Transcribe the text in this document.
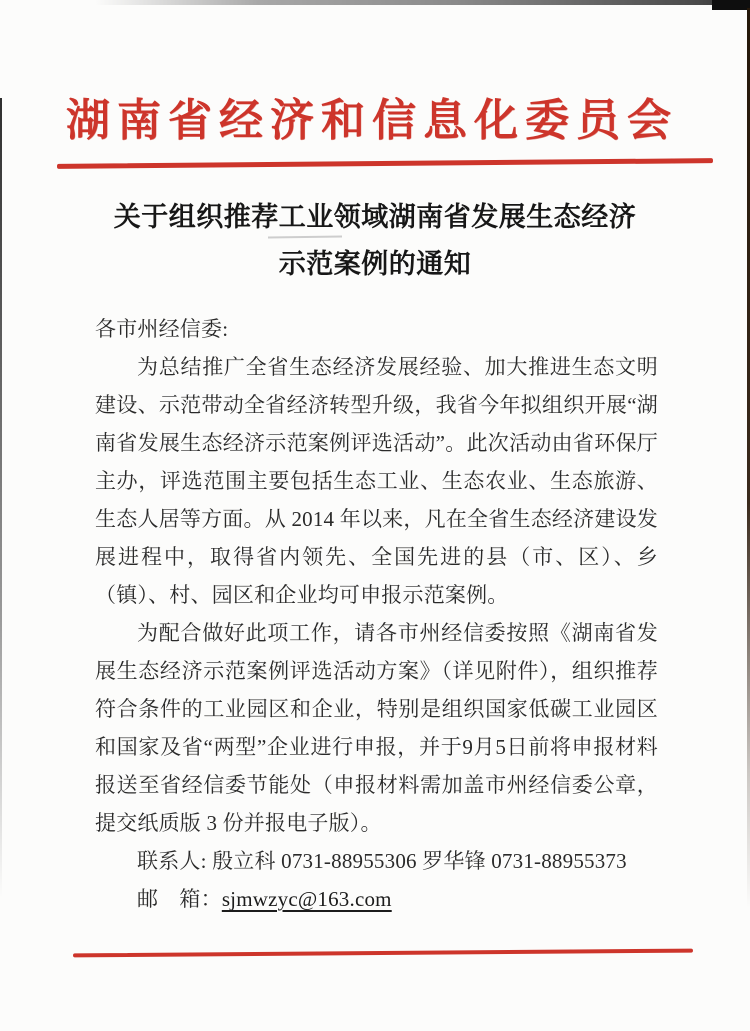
湖南省经济和信息化委员会
关于组织推荐工业领域湖南省发展生态经济
示范案例的通知

各市州经信委:

为总结推广全省生态经济发展经验、加大推进生态文明建设、示范带动全省经济转型升级，我省今年拟组织开展“湖南省发展生态经济示范案例评选活动”。此次活动由省环保厅主办，评选范围主要包括生态工业、生态农业、生态旅游、生态人居等方面。从 2014 年以来，凡在全省生态经济建设发展进程中，取得省内领先、全国先进的县（市、区）、乡（镇）、村、园区和企业均可申报示范案例。

为配合做好此项工作，请各市州经信委按照《湖南省发展生态经济示范案例评选活动方案》（详见附件），组织推荐符合条件的工业园区和企业，特别是组织国家低碳工业园区和国家及省“两型”企业进行申报，并于9月5日前将申报材料报送至省经信委节能处（申报材料需加盖市州经信委公章，提交纸质版 3 份并报电子版）。

联系人: 殷立科 0731-88955306 罗华锋 0731-88955373

邮　箱：sjmwzyc@163.com
